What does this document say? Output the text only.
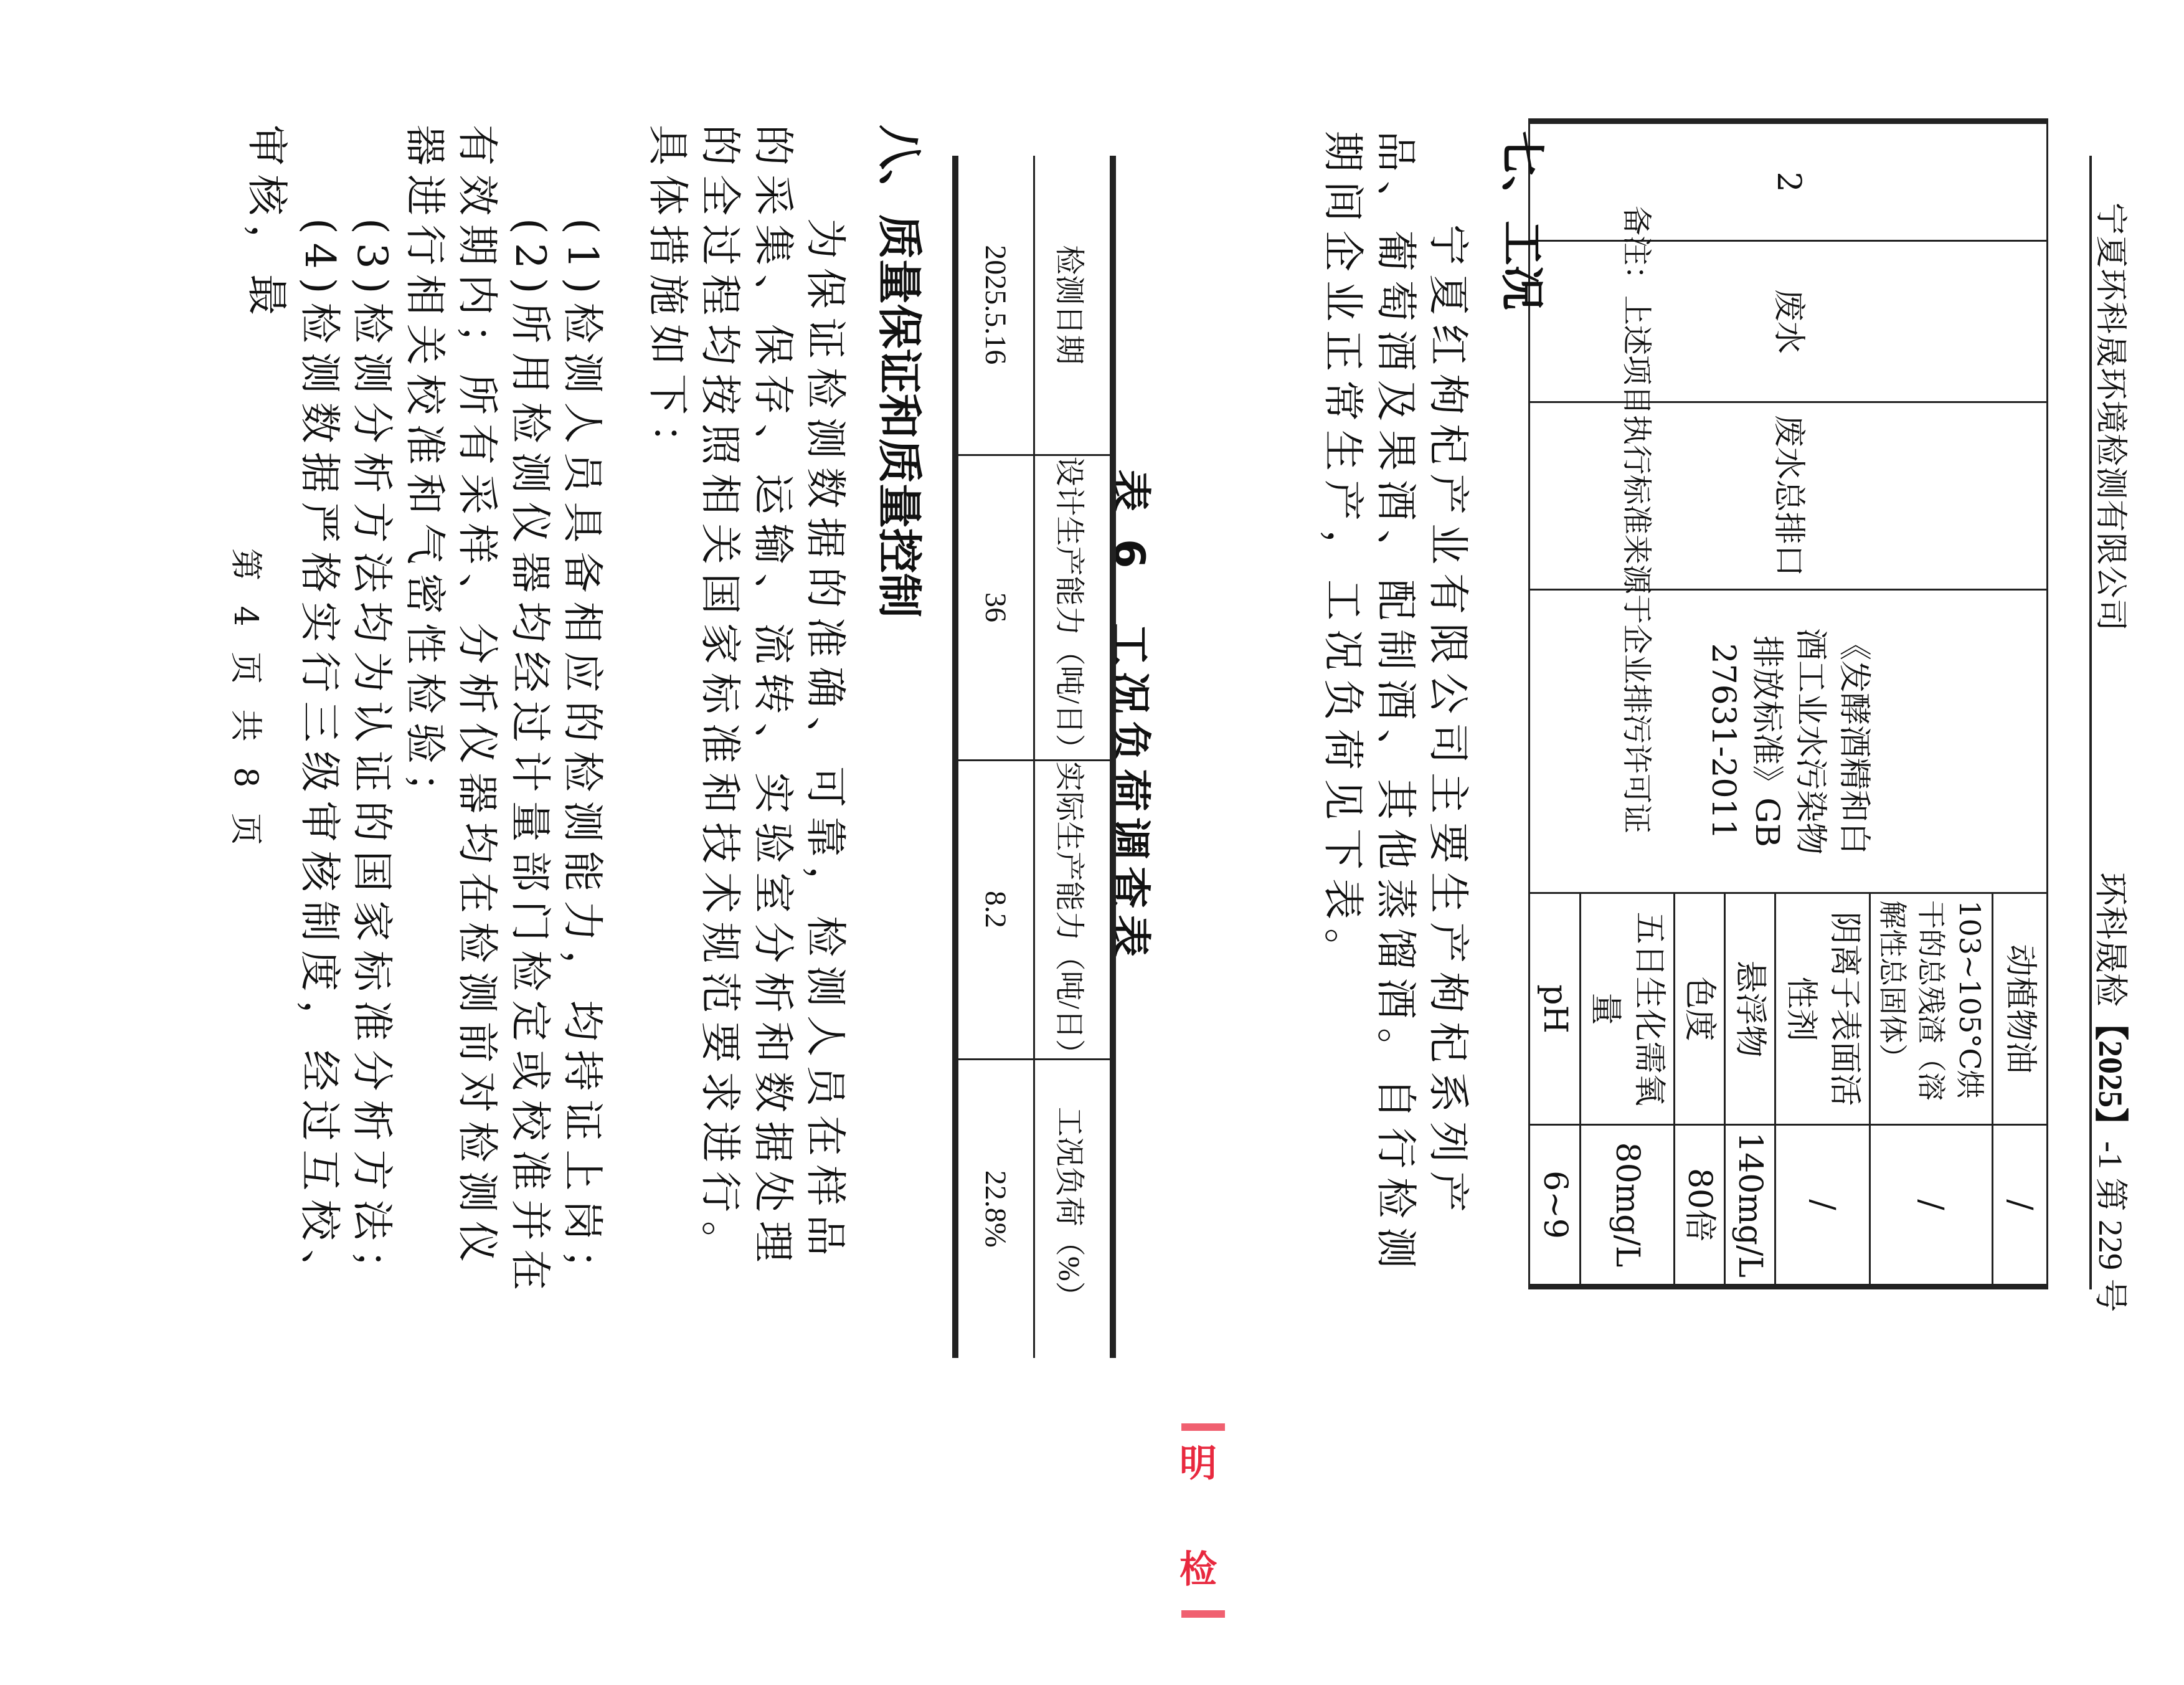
宁夏环科晟环境检测有限公司
环科晟检【2025】-1 第 229 号
2	废水	废水总排口	《发酵酒精和白酒工业水污染物排放标准》GB 27631-2011	动植物油	/
				103~105°C烘干的总残渣（溶解性总固体）	/
				阴离子表面活性剂	/
				悬浮物	140mg/L
				色度	80倍
				五日生化需氧量	80mg/L
				pH	6~9
备注：上述项目执行标准来源于企业排污许可证
七、工况
宁夏红枸杞产业有限公司主要生产枸杞系列产品、葡萄酒及果酒、配制酒、其他蒸馏酒。自行检测期间企业正常生产，工况负荷见下表。
表 6　工况负荷调查表
检测日期	设计生产能力（吨/日）	实际生产能力（吨/日）	工况负荷（%）
2025.5.16	36	8.2	22.8%
八、质量保证和质量控制
为保证检测数据的准确、可靠，检测人员在样品的采集、保存、运输、流转、实验室分析和数据处理的全过程均按照相关国家标准和技术规范要求进行。具体措施如下：
(1)检测人员具备相应的检测能力，均持证上岗；
(2)所用检测仪器均经过计量部门检定或校准并在有效期内；所有采样、分析仪器均在检测前对检测仪器进行相关校准和气密性检验；
(3)检测分析方法均为认证的国家标准分析方法；
(4)检测数据严格实行三级审核制度，经过互校、审核，最
第 4 页 共 8 页
明
检
